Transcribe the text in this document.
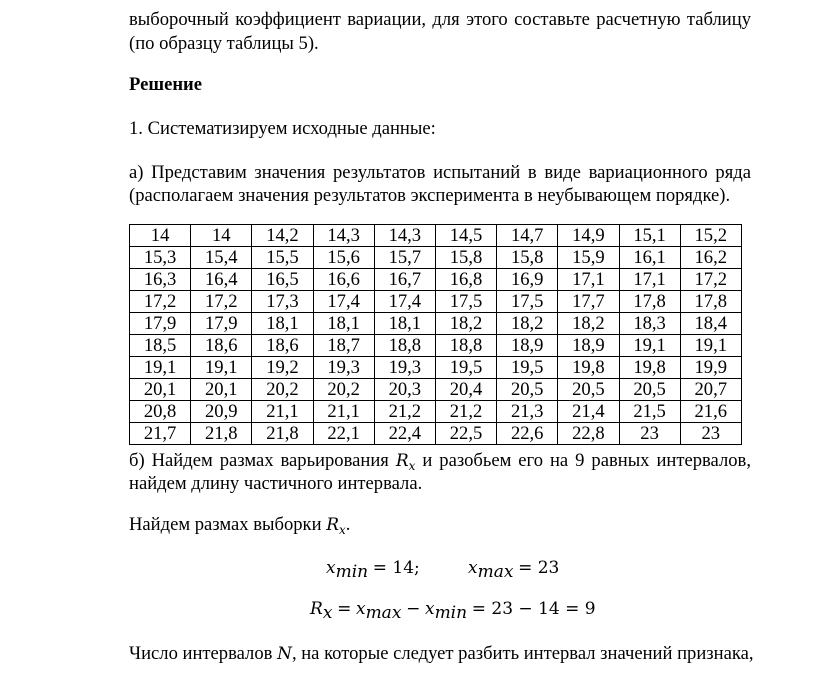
выборочный коэффициент вариации, для этого составьте расчетную таблицу
(по образцу таблицы 5).
Решение
1. Систематизируем исходные данные:
а) Представим значения результатов испытаний в виде вариационного ряда
(располагаем значения результатов эксперимента в неубывающем порядке).
б) Найдем размах варьирования $R_x$ и разобьем его на 9 равных интервалов,
найдем длину частичного интервала.
Найдем размах выборки $R_x$.
Число интервалов N, на которые следует разбить интервал значений признака,
14	14	14,2	14,3	14,3	14,5	14,7	14,9	15,1	15,2
15,3	15,4	15,5	15,6	15,7	15,8	15,8	15,9	16,1	16,2
16,3	16,4	16,5	16,6	16,7	16,8	16,9	17,1	17,1	17,2
17,2	17,2	17,3	17,4	17,4	17,5	17,5	17,7	17,8	17,8
17,9	17,9	18,1	18,1	18,1	18,2	18,2	18,2	18,3	18,4
18,5	18,6	18,6	18,7	18,8	18,8	18,9	18,9	19,1	19,1
19,1	19,1	19,2	19,3	19,3	19,5	19,5	19,8	19,8	19,9
20,1	20,1	20,2	20,2	20,3	20,4	20,5	20,5	20,5	20,7
20,8	20,9	21,1	21,1	21,2	21,2	21,3	21,4	21,5	21,6
21,7	21,8	21,8	22,1	22,4	22,5	22,6	22,8	23	23
$x_{min} = 14$;	$x_{max} = 23$
$R_x = x_{max} - x_{min} = 23 - 14 = 9$
